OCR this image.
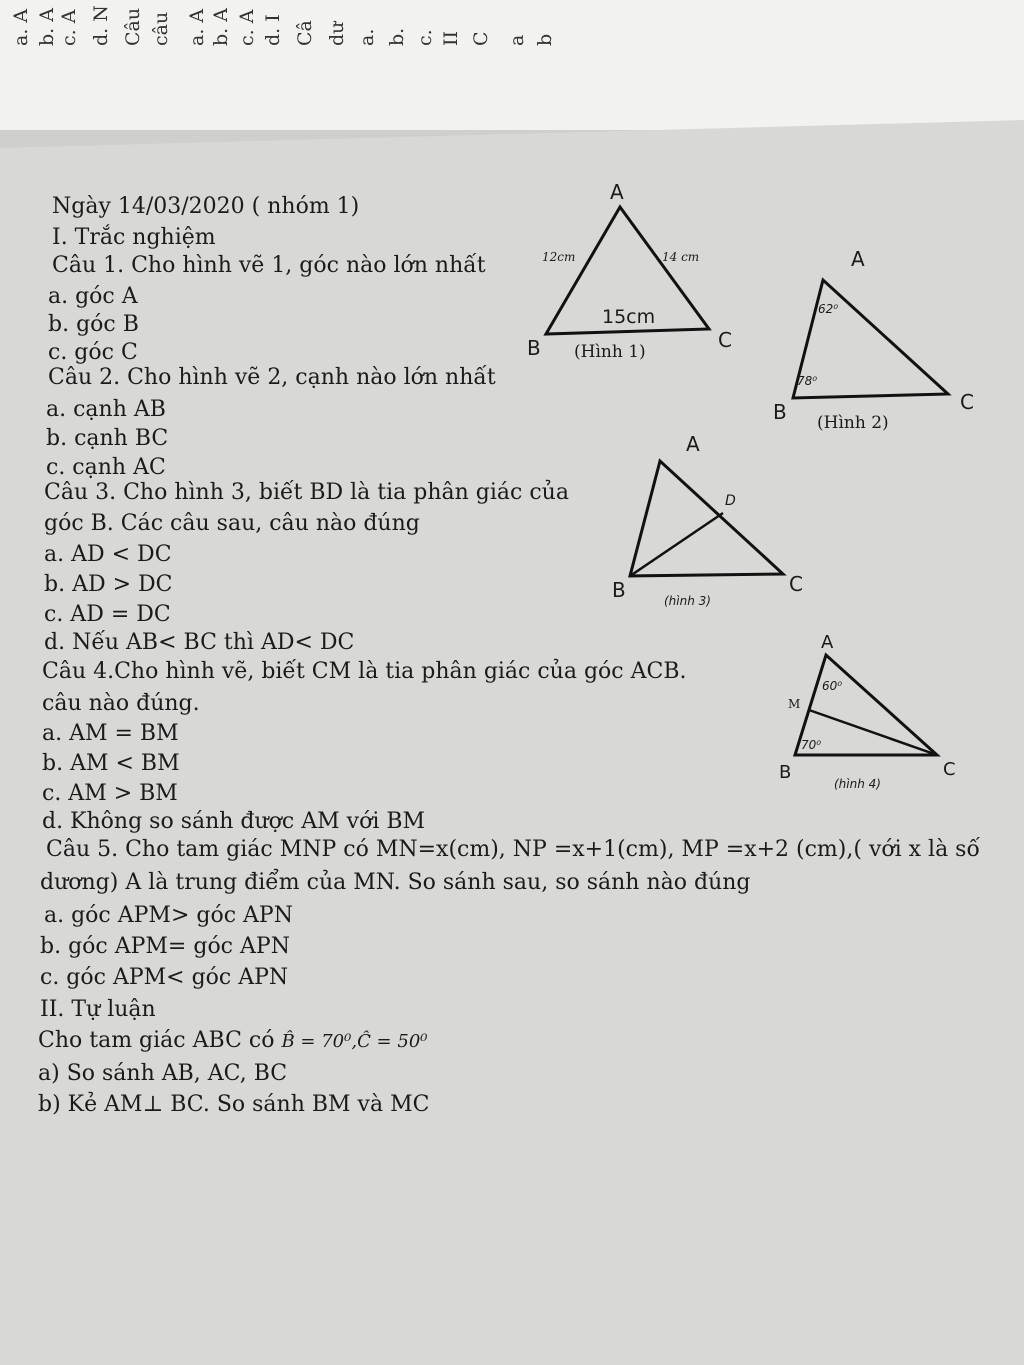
Ngày 14/03/2020 ( nhóm 1)
I. Trắc nghiệm
Câu 1. Cho hình vẽ 1, góc nào lớn nhất
a. góc A
b. góc B
c. góc C
Câu 2. Cho hình vẽ 2, cạnh nào lớn nhất
a. cạnh AB
b. cạnh BC
c. cạnh AC
Câu 3. Cho hình 3, biết BD là tia phân giác của
góc B. Các câu sau, câu nào đúng
a. AD < DC
b. AD > DC
c. AD = DC
d. Nếu AB< BC thì AD< DC
Câu 4.Cho hình vẽ, biết CM là tia phân giác của góc ACB.
câu nào đúng.
a. AM = BM
b. AM < BM
c. AM > BM
d. Không so sánh được AM với BM
Câu 5. Cho tam giác MNP có MN=x(cm), NP =x+1(cm), MP =x+2 (cm),( với x là số
dương) A là trung điểm của MN. So sánh sau, so sánh nào đúng
a. góc APM> góc APN
b. góc APM= góc APN
c. góc APM< góc APN
II. Tự luận
Cho tam giác ABC có B̂ = 70⁰,Ĉ = 50⁰
a) So sánh AB, AC, BC
b) Kẻ AM⊥ BC. So sánh BM và MC
A
B	C
12cm	14 cm
15cm
(Hình 1)
A
B	C
62⁰
78⁰
(Hình 2)
A
B	C
D
(hình 3)
A
B	C
M
60⁰
70⁰
(hình 4)
a. A b. A c. A d. N Câu câu a. A b. A c. A d. I Câ dư a. b. c. II C a b
